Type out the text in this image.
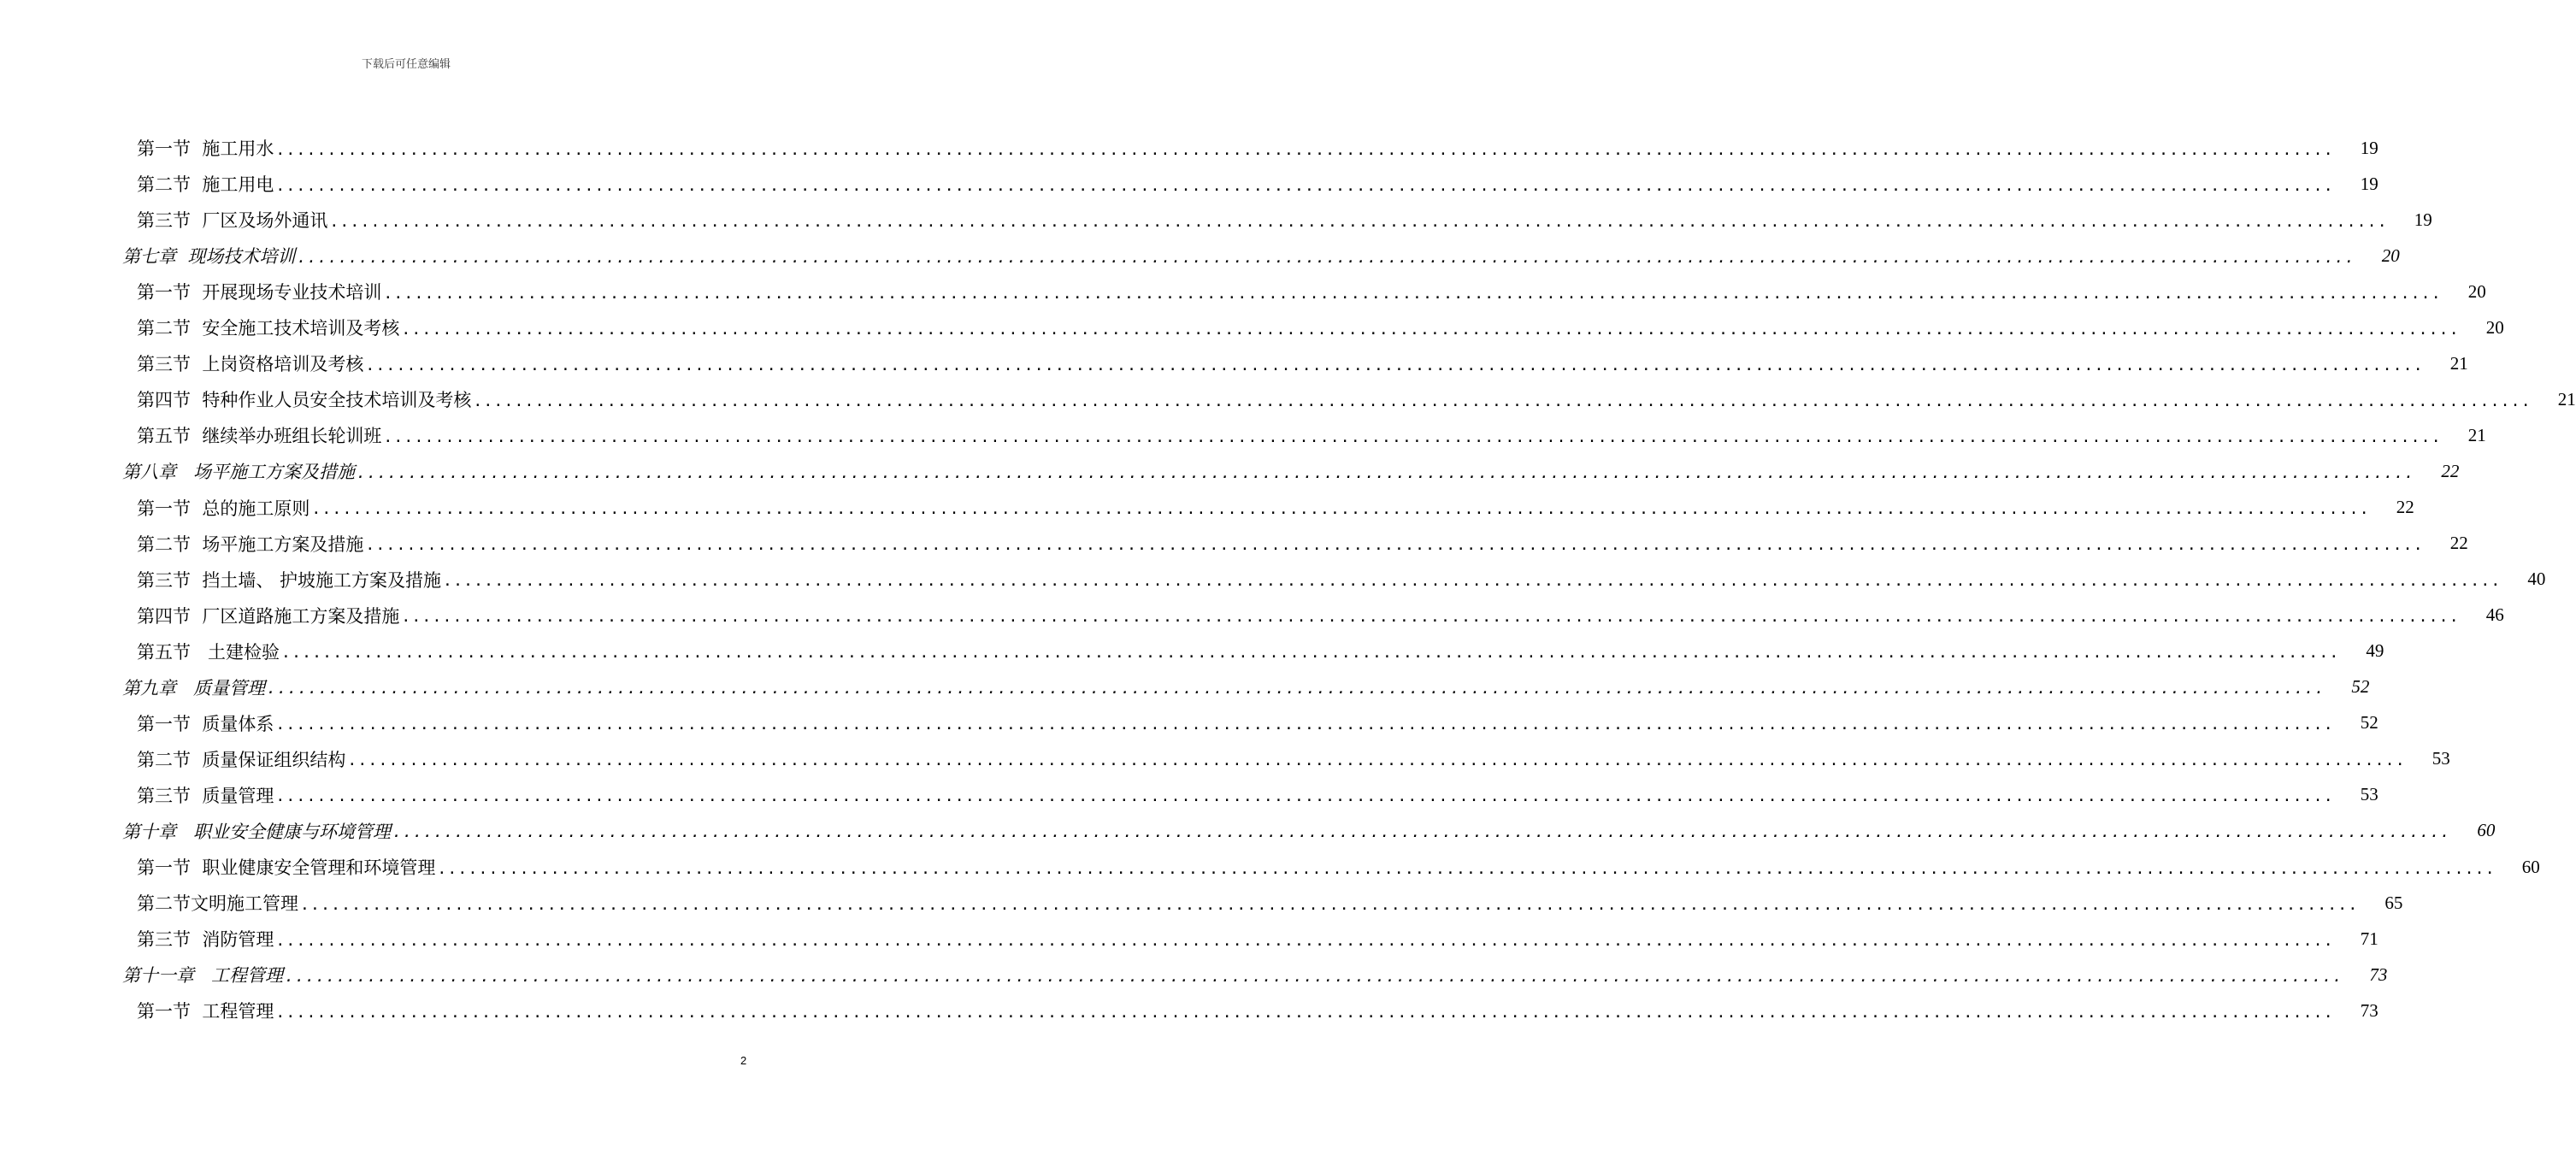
下载后可任意编辑
第一节  施工用水 ........................................................................................................................................................................................................	19
第二节  施工用电 ........................................................................................................................................................................................................	19
第三节  厂区及场外通讯 ........................................................................................................................................................................................................	19
第七章  现场技术培训 ........................................................................................................................................................................................................	20
第一节  开展现场专业技术培训 ........................................................................................................................................................................................................	20
第二节  安全施工技术培训及考核 ........................................................................................................................................................................................................	20
第三节  上岗资格培训及考核 ........................................................................................................................................................................................................	21
第四节  特种作业人员安全技术培训及考核 ........................................................................................................................................................................................................	21
第五节  继续举办班组长轮训班 ........................................................................................................................................................................................................	21
第八章   场平施工方案及措施 ........................................................................................................................................................................................................	22
第一节  总的施工原则 ........................................................................................................................................................................................................	22
第二节  场平施工方案及措施 ........................................................................................................................................................................................................	22
第三节  挡土墙、 护坡施工方案及措施 ........................................................................................................................................................................................................	40
第四节  厂区道路施工方案及措施 ........................................................................................................................................................................................................	46
第五节   土建检验 ........................................................................................................................................................................................................	49
第九章   质量管理 ........................................................................................................................................................................................................	52
第一节  质量体系 ........................................................................................................................................................................................................	52
第二节  质量保证组织结构 ........................................................................................................................................................................................................	53
第三节  质量管理 ........................................................................................................................................................................................................	53
第十章   职业安全健康与环境管理 ........................................................................................................................................................................................................	60
第一节  职业健康安全管理和环境管理 ........................................................................................................................................................................................................	60
第二节文明施工管理 ........................................................................................................................................................................................................	65
第三节  消防管理 ........................................................................................................................................................................................................	71
第十一章   工程管理 ........................................................................................................................................................................................................	73
第一节  工程管理 ........................................................................................................................................................................................................	73
2
